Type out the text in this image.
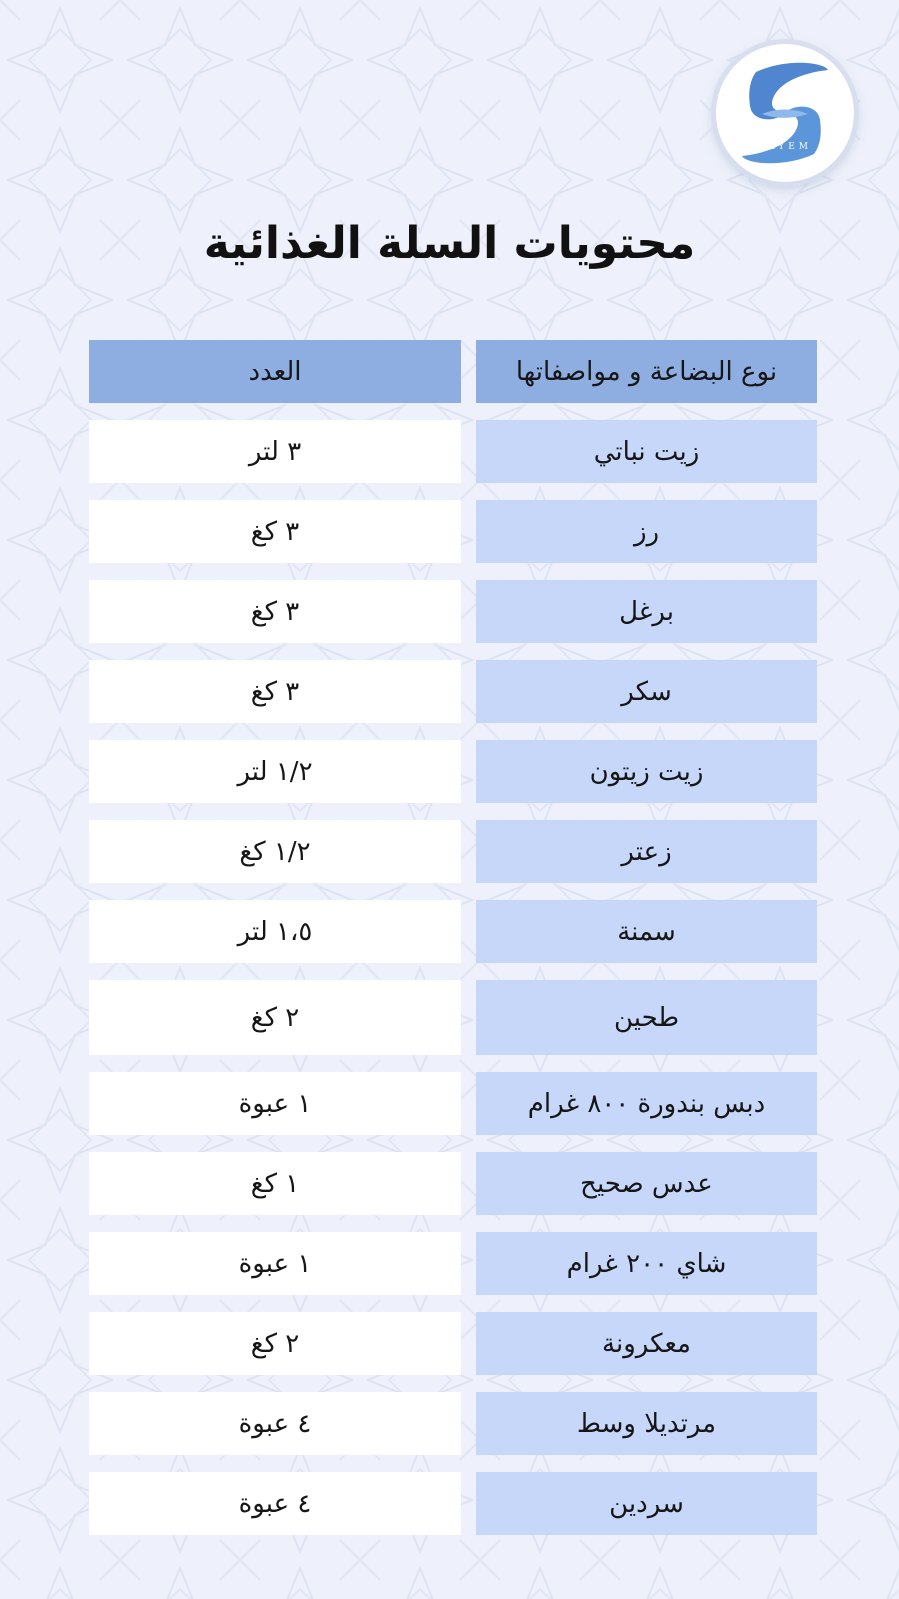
SAYEM
محتويات السلة الغذائية
العدد	نوع البضاعة و مواصفاتها
٣ لتر	زيت نباتي
٣ كغ	رز
٣ كغ	برغل
٣ كغ	سكر
١/٢ لتر	زيت زيتون
١/٢ كغ	زعتر
١،٥ لتر	سمنة
٢ كغ	طحين
١ عبوة	دبس بندورة ٨٠٠ غرام
١ كغ	عدس صحيح
١ عبوة	شاي ٢٠٠ غرام
٢ كغ	معكرونة
٤ عبوة	مرتديلا وسط
٤ عبوة	سردين
